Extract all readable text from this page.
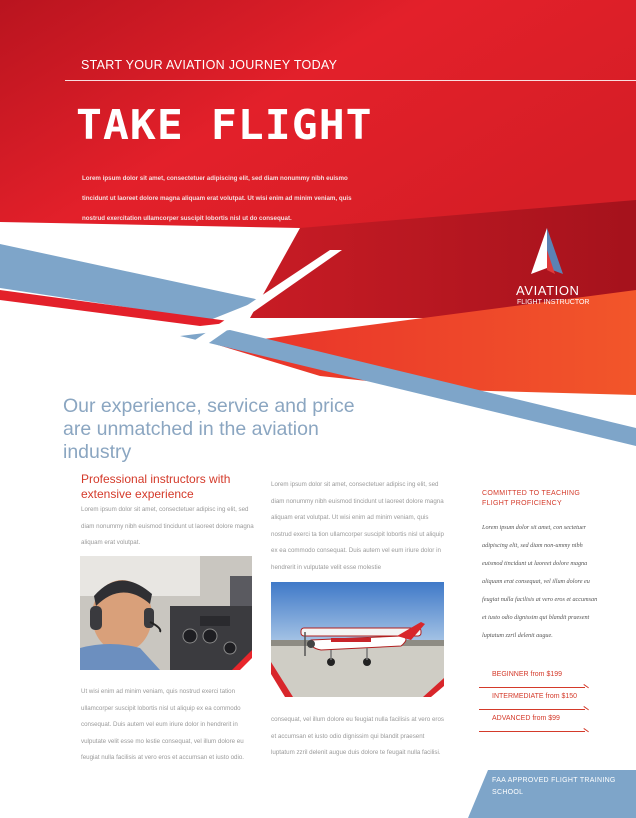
START YOUR AVIATION JOURNEY TODAY
TAKE FLIGHT
Lorem ipsum dolor sit amet, consectetuer adipiscing elit, sed diam nonummy nibh euismo tincidunt ut laoreet dolore magna aliquam erat volutpat. Ut wisi enim ad minim veniam, quis nostrud exercitation ullamcorper suscipit lobortis nisl ut do consequat.
AVIATION
FLIGHT INSTRUCTOR
Our experience, service and price are unmatched in the aviation industry
Professional instructors with extensive experience
Lorem ipsum dolor sit amet, consectetuer adipisc ing elit, sed diam nonummy nibh euismod tincidunt ut laoreet dolore magna aliquam erat volutpat.
Ut wisi enim ad minim veniam, quis nostrud exerci tation ullamcorper suscipit lobortis nisl ut aliquip ex ea commodo consequat. Duis autem vel eum iriure dolor in hendrerit in vulputate velit esse mo lestie consequat, vel illum dolore eu feugiat nulla facilisis at vero eros et accumsan et iusto odio.
Lorem ipsum dolor sit amet, consectetuer adipisc ing elit, sed diam nonummy nibh euismod tincidunt ut laoreet dolore magna aliquam erat volutpat. Ut wisi enim ad minim veniam, quis nostrud exerci ta tion ullamcorper suscipit lobortis nisl ut aliquip ex ea commodo consequat. Duis autem vel eum iriure dolor in hendrerit in vulputate velit esse molestie
consequat, vel illum dolore eu feugiat nulla facilisis at vero eros et accumsan et iusto odio dignissim qui blandit praesent luptatum zzril delenit augue duis dolore te feugait nulla facilisi.
COMMITTED TO TEACHING FLIGHT PROFICIENCY
Lorem ipsum dolor sit amet, con sectetuer adipiscing elit, sed diam non-ummy nibh euismod tincidunt ut laoreet dolore magna aliquam erat consequat, vel illum dolore eu feugiat nulla facilisis at vero eros et accumsan et iusto odio dignissim qui blandit praesent luptatum zzril delenit augue.
BEGINNER from $199
INTERMEDIATE from $150
ADVANCED from $99
FAA APPROVED FLIGHT TRAINING SCHOOL
